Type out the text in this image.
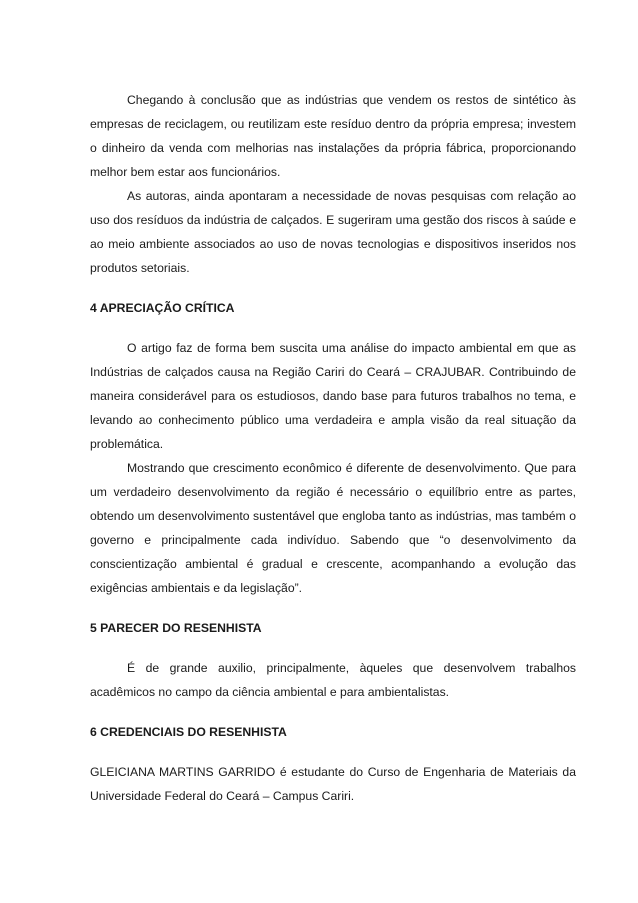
Chegando à conclusão que as indústrias que vendem os restos de sintético às empresas de reciclagem, ou reutilizam este resíduo dentro da própria empresa; investem o dinheiro da venda com melhorias nas instalações da própria fábrica, proporcionando melhor bem estar aos funcionários.

As autoras, ainda apontaram a necessidade de novas pesquisas com relação ao uso dos resíduos da indústria de calçados. E sugeriram uma gestão dos riscos à saúde e ao meio ambiente associados ao uso de novas tecnologias e dispositivos inseridos nos produtos setoriais.

4 APRECIAÇÃO CRÍTICA

O artigo faz de forma bem suscita uma análise do impacto ambiental em que as Indústrias de calçados causa na Região Cariri do Ceará – CRAJUBAR. Contribuindo de maneira considerável para os estudiosos, dando base para futuros trabalhos no tema, e levando ao conhecimento público uma verdadeira e ampla visão da real situação da problemática.

Mostrando que crescimento econômico é diferente de desenvolvimento. Que para um verdadeiro desenvolvimento da região é necessário o equilíbrio entre as partes, obtendo um desenvolvimento sustentável que engloba tanto as indústrias, mas também o governo e principalmente cada indivíduo. Sabendo que “o desenvolvimento da conscientização ambiental é gradual e crescente, acompanhando a evolução das exigências ambientais e da legislação”.

5 PARECER DO RESENHISTA

É de grande auxilio, principalmente, àqueles que desenvolvem trabalhos acadêmicos no campo da ciência ambiental e para ambientalistas.

6 CREDENCIAIS DO RESENHISTA

GLEICIANA MARTINS GARRIDO é estudante do Curso de Engenharia de Materiais da Universidade Federal do Ceará – Campus Cariri.
